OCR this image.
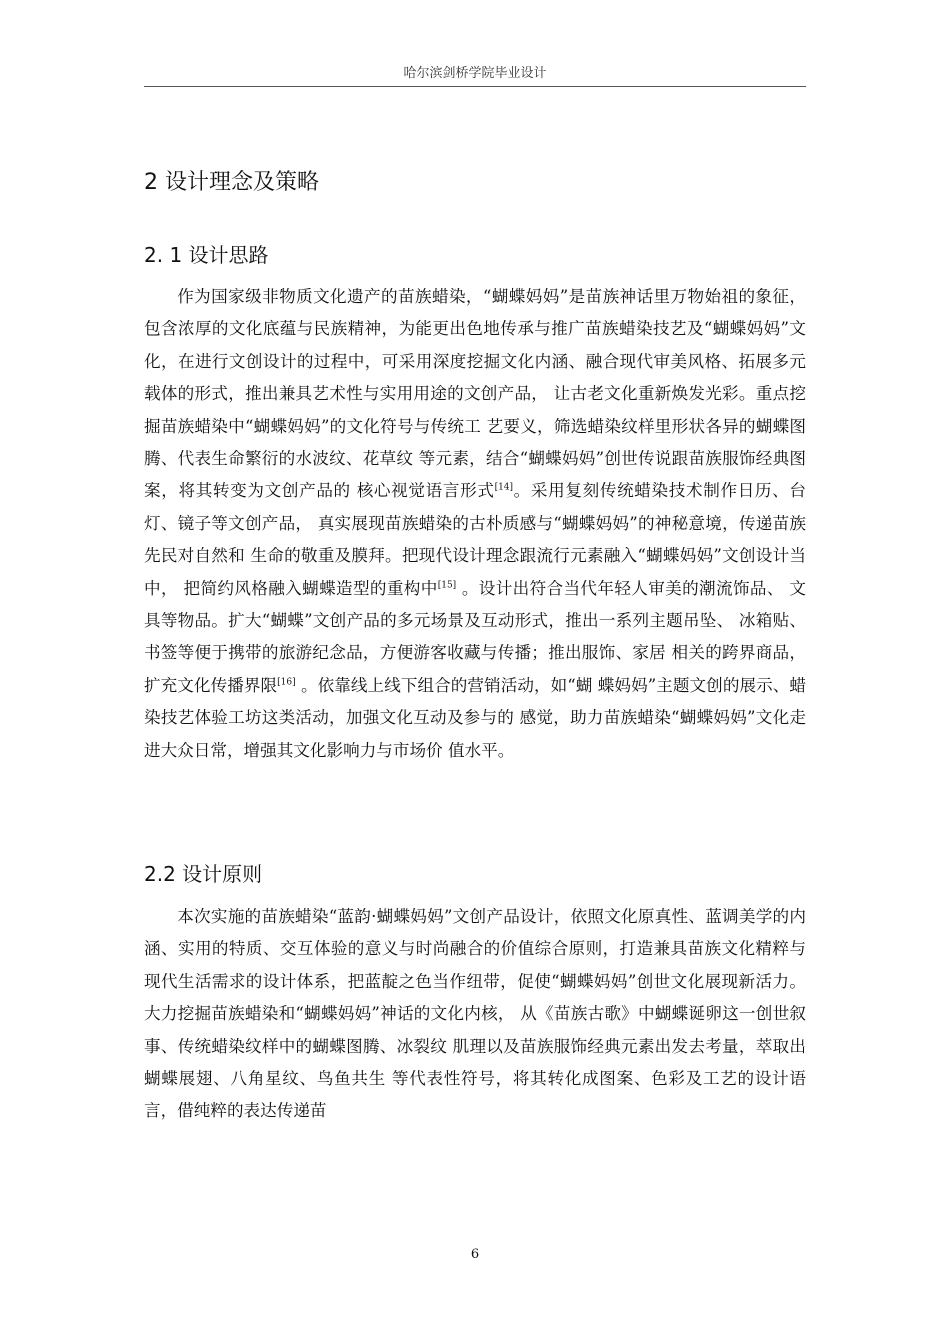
哈尔滨剑桥学院毕业设计
2 设计理念及策略
2. 1 设计思路

作为国家级非物质文化遗产的苗族蜡染，“蝴蝶妈妈”是苗族神话里万物始祖的象征，包含浓厚的文化底蕴与民族精神，为能更出色地传承与推广苗族蜡染技艺及“蝴蝶妈妈”文化，在进行文创设计的过程中，可采用深度挖掘文化内涵、融合现代审美风格、拓展多元载体的形式，推出兼具艺术性与实用用途的文创产品， 让古老文化重新焕发光彩。重点挖掘苗族蜡染中“蝴蝶妈妈”的文化符号与传统工 艺要义，筛选蜡染纹样里形状各异的蝴蝶图腾、代表生命繁衍的水波纹、花草纹 等元素，结合“蝴蝶妈妈”创世传说跟苗族服饰经典图案，将其转变为文创产品的 核心视觉语言形式[14]。采用复刻传统蜡染技术制作日历、台灯、镜子等文创产品， 真实展现苗族蜡染的古朴质感与“蝴蝶妈妈”的神秘意境，传递苗族先民对自然和 生命的敬重及膜拜。把现代设计理念跟流行元素融入“蝴蝶妈妈”文创设计当中， 把简约风格融入蝴蝶造型的重构中[15] 。设计出符合当代年轻人审美的潮流饰品、 文具等物品。扩大“蝴蝶”文创产品的多元场景及互动形式，推出一系列主题吊坠、 冰箱贴、书签等便于携带的旅游纪念品，方便游客收藏与传播；推出服饰、家居 相关的跨界商品，扩充文化传播界限[16] 。依靠线上线下组合的营销活动，如“蝴 蝶妈妈”主题文创的展示、蜡染技艺体验工坊这类活动，加强文化互动及参与的 感觉，助力苗族蜡染“蝴蝶妈妈”文化走进大众日常，增强其文化影响力与市场价 值水平。

2.2 设计原则

本次实施的苗族蜡染“蓝韵·蝴蝶妈妈”文创产品设计，依照文化原真性、蓝调美学的内涵、实用的特质、交互体验的意义与时尚融合的价值综合原则，打造兼具苗族文化精粹与现代生活需求的设计体系，把蓝靛之色当作纽带，促使“蝴蝶妈妈”创世文化展现新活力。大力挖掘苗族蜡染和“蝴蝶妈妈”神话的文化内核， 从《苗族古歌》中蝴蝶诞卵这一创世叙事、传统蜡染纹样中的蝴蝶图腾、冰裂纹 肌理以及苗族服饰经典元素出发去考量，萃取出蝴蝶展翅、八角星纹、鸟鱼共生 等代表性符号，将其转化成图案、色彩及工艺的设计语言，借纯粹的表达传递苗

6
